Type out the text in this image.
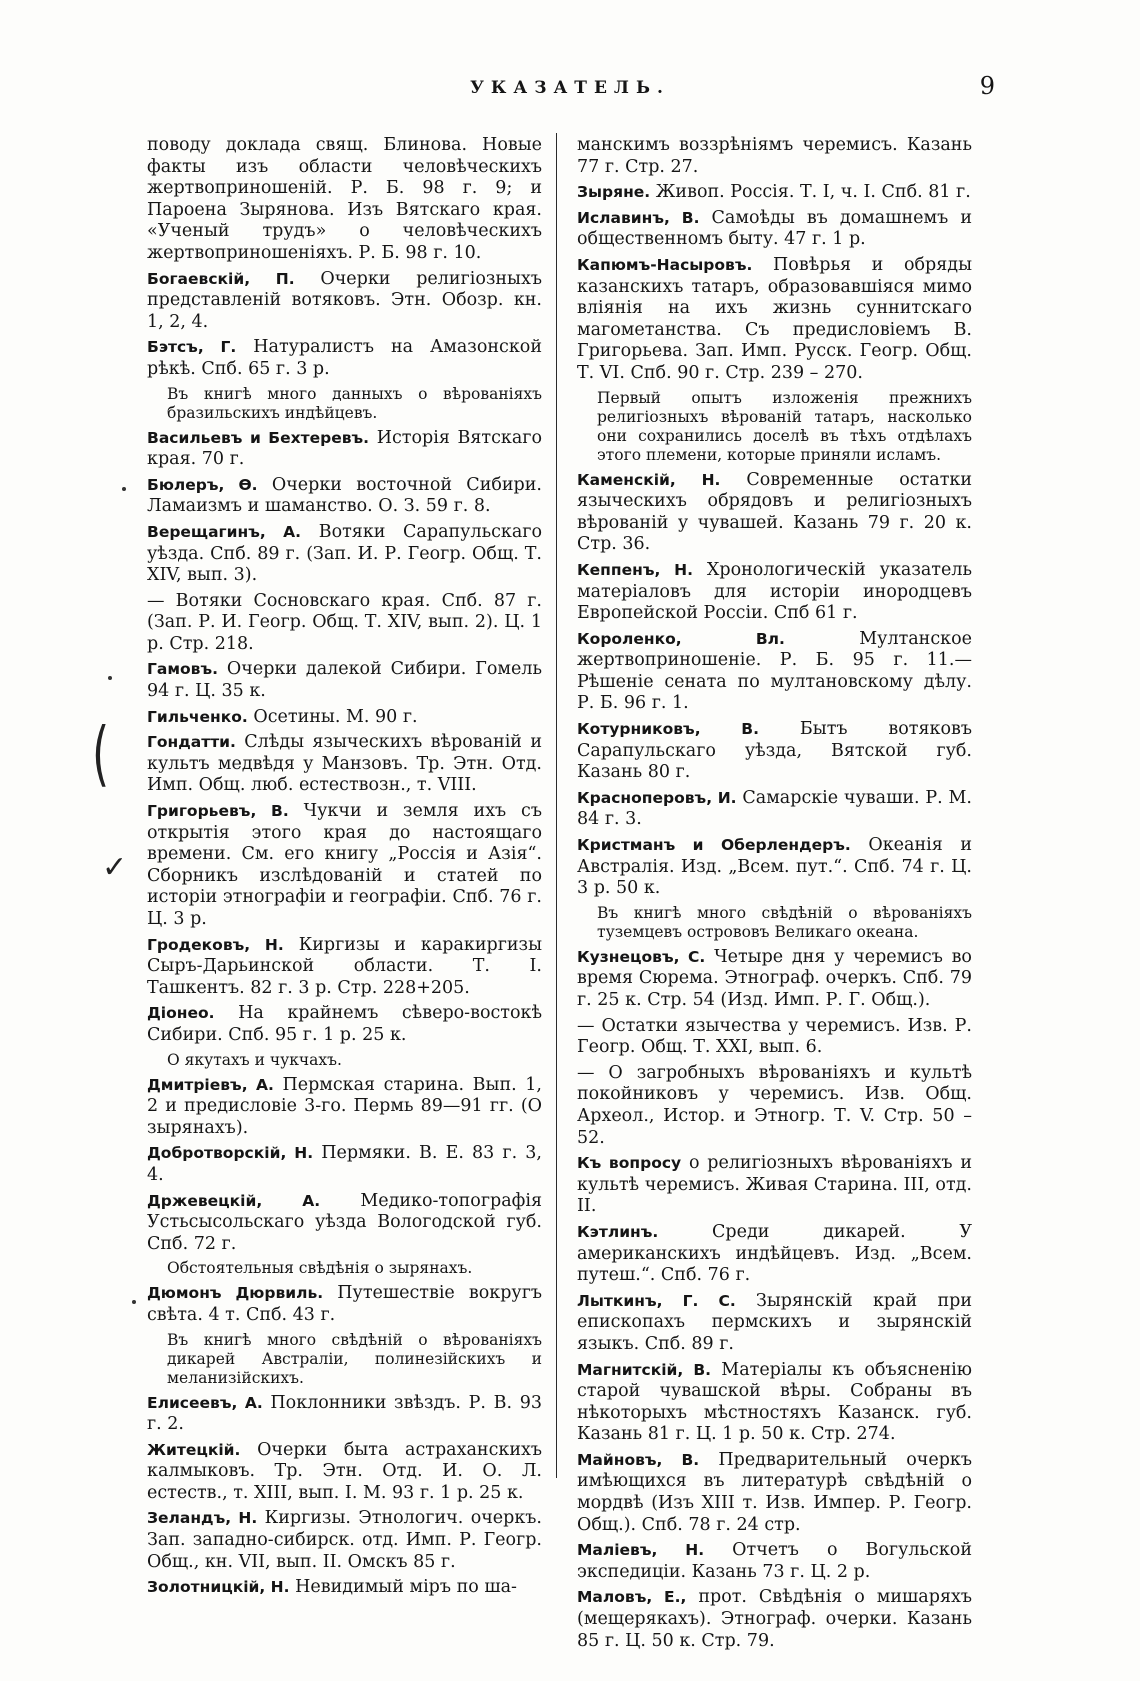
УКАЗАТЕЛЬ.	9
(
✓

поводу доклада свящ. Блинова. Новые факты изъ области человѣческихъ жертвоприношеній. Р. Б. 98 г. 9; и Пароена Зырянова. Изъ Вятскаго края. «Ученый трудъ» о человѣческихъ жертвоприношеніяхъ. Р. Б. 98 г. 10.

Богаевскій, П. Очерки религіозныхъ представленій вотяковъ. Этн. Обозр. кн. 1, 2, 4.

Бэтсъ, Г. Натуралистъ на Амазонской рѣкѣ. Спб. 65 г. 3 р.

Въ книгѣ много данныхъ о вѣрованіяхъ бразильскихъ индѣйцевъ.

Васильевъ и Бехтеревъ. Исторія Вятскаго края. 70 г.

Бюлеръ, Ѳ. Очерки восточной Сибири. Ламаизмъ и шаманство. О. З. 59 г. 8.

Верещагинъ, А. Вотяки Сарапульскаго уѣзда. Спб. 89 г. (Зап. И. Р. Геогр. Общ. Т. XIV, вып. 3).

— Вотяки Сосновскаго края. Спб. 87 г. (Зап. Р. И. Геогр. Общ. Т. XIV, вып. 2). Ц. 1 р. Стр. 218.

Гамовъ. Очерки далекой Сибири. Гомель 94 г. Ц. 35 к.

Гильченко. Осетины. М. 90 г.

Гондатти. Слѣды языческихъ вѣрованій и культъ медвѣдя у Манзовъ. Тр. Этн. Отд. Имп. Общ. люб. естествозн., т. VIII.

Григорьевъ, В. Чукчи и земля ихъ съ открытія этого края до настоящаго времени. См. его книгу „Россія и Азія“. Сборникъ изслѣдованій и статей по исторіи этнографіи и географіи. Спб. 76 г. Ц. 3 р.

Гродековъ, Н. Киргизы и каракиргизы Сыръ-Дарьинской области. Т. І. Ташкентъ. 82 г. 3 р. Стр. 228+205.

Діонео. На крайнемъ сѣверо-востокѣ Сибири. Спб. 95 г. 1 р. 25 к.

О якутахъ и чукчахъ.

Дмитріевъ, А. Пермская старина. Вып. 1, 2 и предисловіе 3-го. Пермь 89—91 гг. (О зырянахъ).

Добротворскій, Н. Пермяки. В. Е. 83 г. 3, 4.

Држевецкій, А. Медико-топографія Устьсысольскаго уѣзда Вологодской губ. Спб. 72 г.

Обстоятельныя свѣдѣнія о зырянахъ.

Дюмонъ Дюрвиль. Путешествіе вокругъ свѣта. 4 т. Спб. 43 г.

Въ книгѣ много свѣдѣній о вѣрованіяхъ дикарей Австраліи, полинезійскихъ и меланизійскихъ.

Елисеевъ, А. Поклонники звѣздъ. Р. В. 93 г. 2.

Житецкій. Очерки быта астраханскихъ калмыковъ. Тр. Этн. Отд. И. О. Л. естеств., т. XIII, вып. І. М. 93 г. 1 р. 25 к.

Зеландъ, Н. Киргизы. Этнологич. очеркъ. Зап. западно-сибирск. отд. Имп. Р. Геогр. Общ., кн. VII, вып. II. Омскъ 85 г.

Золотницкій, Н. Невидимый міръ по ша-

манскимъ воззрѣніямъ черемисъ. Казань 77 г. Стр. 27.

Зыряне. Живоп. Россія. Т. І, ч. І. Спб. 81 г.

Иславинъ, В. Самоѣды въ домашнемъ и общественномъ быту. 47 г. 1 р.

Капюмъ-Насыровъ. Повѣрья и обряды казанскихъ татаръ, образовавшіяся мимо вліянія на ихъ жизнь суннитскаго магометанства. Съ предисловіемъ В. Григорьева. Зап. Имп. Русск. Геогр. Общ. Т. VI. Спб. 90 г. Стр. 239 – 270.

Первый опытъ изложенія прежнихъ религіозныхъ вѣрованій татаръ, насколько они сохранились доселѣ въ тѣхъ отдѣлахъ этого племени, которые приняли исламъ.

Каменскій, Н. Современные остатки языческихъ обрядовъ и религіозныхъ вѣрованій у чувашей. Казань 79 г. 20 к. Стр. 36.

Кеппенъ, Н. Хронологическій указатель матеріаловъ для исторіи инородцевъ Европейской Россіи. Спб 61 г.

Короленко, Вл.	Мултанское жертвоприношеніе. Р. Б. 95 г. 11.—Рѣшеніе сената по мултановскому дѣлу. Р. Б. 96 г. 1.

Котурниковъ, В. Бытъ вотяковъ Сарапульскаго уѣзда, Вятской губ. Казань 80 г.

Красноперовъ, И. Самарскіе чуваши. Р. М. 84 г. 3.

Кристманъ и Оберлендеръ. Океанія и Австралія. Изд. „Всем. пут.“. Спб. 74 г. Ц. 3 р. 50 к.

Въ книгѣ много свѣдѣній о вѣрованіяхъ туземцевъ острововъ Великаго океана.

Кузнецовъ, С. Четыре дня у черемисъ во время Сюрема. Этнограф. очеркъ. Спб. 79 г. 25 к. Стр. 54 (Изд. Имп. Р. Г. Общ.).

— Остатки язычества у черемисъ. Изв. Р. Геогр. Общ. Т. XXI, вып. 6.

— О загробныхъ вѣрованіяхъ и культѣ покойниковъ у черемисъ. Изв. Общ. Археол., Истор. и Этногр. Т. V. Стр. 50 – 52.

Къ вопросу о религіозныхъ вѣрованіяхъ и культѣ черемисъ. Живая Старина. III, отд. II.

Кэтлинъ.	Среди дикарей. У американскихъ индѣйцевъ. Изд. „Всем. путеш.“. Спб. 76 г.

Лыткинъ, Г. С. Зырянскій край при епископахъ пермскихъ и зырянскій языкъ. Спб. 89 г.

Магнитскій, В. Матеріалы къ объясненію старой чувашской вѣры. Собраны въ нѣкоторыхъ мѣстностяхъ Казанск. губ. Казань 81 г. Ц. 1 р. 50 к. Стр. 274.

Майновъ, В. Предварительный очеркъ имѣющихся въ литературѣ свѣдѣній о мордвѣ (Изъ XIII т. Изв. Импер. Р. Геогр. Общ.). Спб. 78 г. 24 стр.

Маліевъ, Н. Отчетъ о Вогульской экспедиціи. Казань 73 г. Ц. 2 р.

Маловъ, Е., прот. Свѣдѣнія о мишаряхъ (мещерякахъ). Этнограф. очерки. Казань 85 г. Ц. 50 к. Стр. 79.
